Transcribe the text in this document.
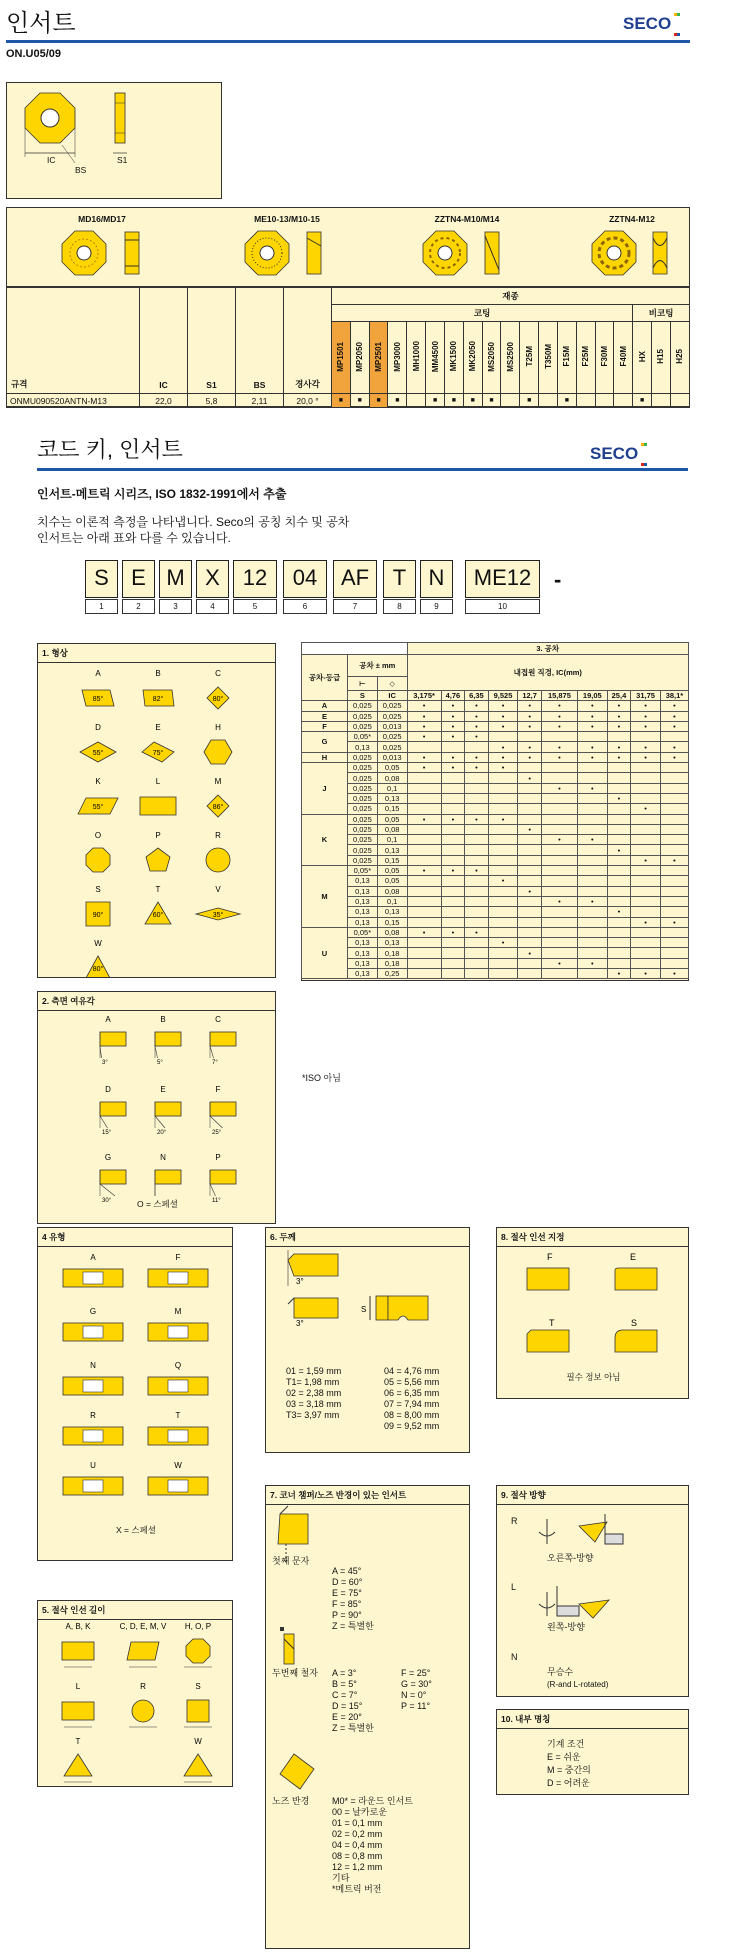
인서트	SECO

ON.U05/09
IC
BS
S1
MD16/MD17	ME10-13/M10-15	ZZTN4-M10/M14	ZZTN4-M12
규격	IC	S1	BS	경사각	재종																		
					코팅																비코팅		
					MP1501	MP2050	MP2501	MP3000	MH1000	MM4500	MK1500	MK2050	MS2050	MS2500	T25M	T350M	F15M	F25M	F30M	F40M	HX	H15	H25
ONMU090520ANTN-M13	22,0	5,8	2,11	20,0 °	■	■	■	■		■	■	■	■		■		■				■		
코드 키, 인서트	SECO

인서트-메트릭 시리즈, ISO 1832-1991에서 추출
치수는 이론적 측정을 나타냅니다. Seco의 공칭 치수 및 공차
인서트는 아래 표와 다를 수 있습니다.
S
1
E
2
M
3
X
4
12
5
04
6
AF
7
T
8
N
9
ME12
10
-
1. 형상
A
85°
B
82°
C
80°
D
55°
E
75°
H
K
55°
L	M
86°
O	P	R
S
90°
T
60°
V
35°
W
80°
2. 측면 여유각
A
3°
B
5°
C
7°
D
15°
E
20°
F
25°
G
30°
N	P
11°
O = 스페셜
			3. 공차									
공차-등급	공차 ± mm		내접원 직경, IC(mm)									
	⊢	◇										
	S	IC	3,175*	4,76	6,35	9,525	12,7	15,875	19,05	25,4	31,75	38,1*
A	0,025	0,025	•	•	•	•	•	•	•	•	•	•
E	0,025	0,025	•	•	•	•	•	•	•	•	•	•
F	0,025	0,013	•	•	•	•	•	•	•	•	•	•
G	0,05*	0,025	•	•	•							
	0,13	0,025				•	•	•	•	•	•	•
H	0,025	0,013	•	•	•	•	•	•	•	•	•	•
J	0,025	0,05	•	•	•	•						
	0,025	0,08					•					
	0,025	0,1						•	•			
	0,025	0,13								•		
	0,025	0,15									•	
K	0,025	0,05	•	•	•	•						
	0,025	0,08					•					
	0,025	0,1						•	•			
	0,025	0,13								•		
	0,025	0,15									•	•
M	0,05*	0,05	•	•	•							
	0,13	0,05				•						
	0,13	0,08					•					
	0,13	0,1						•	•			
	0,13	0,13								•		
	0,13	0,15									•	•
U	0,05*	0,08	•	•	•							
	0,13	0,13				•						
	0,13	0,18					•					
	0,13	0,18						•	•			
	0,13	0,25								•	•	•
*ISO 아님
4 유형
A	F
G	M
N	Q
R	T
U	W
X = 스페셜
5. 절삭 인선 길이
A, B, K	C, D, E, M, V H, O, P
L	R	S
T	W
6. 두께
3°
3°
S
01 = 1,59 mm
T1= 1,98 mm
02 = 2,38 mm
03 = 3,18 mm
T3= 3,97 mm
04 = 4,76 mm
05 = 5,56 mm
06 = 6,35 mm
07 = 7,94 mm
08 = 8,00 mm
09 = 9,52 mm
7. 코너 챔퍼/노즈 반경이 있는 인서트
첫째 문자
A = 45°
D = 60°
E = 75°
F = 85°
P = 90°
Z = 특별한
두번째 철자	A = 3°
B = 5°
C = 7°
D = 15°
E = 20°
Z = 특별한
F = 25°
G = 30°
N = 0°
P = 11°
노즈 반경	M0* = 라운드 인서트
00 = 날카로운
01 = 0,1 mm
02 = 0,2 mm
04 = 0,4 mm
08 = 0,8 mm
12 = 1,2 mm
기타
*메트릭 버전
8. 절삭 인선 지정
F	E
T	S
필수 정보 아님
9. 절삭 방향
R
오른쪽-방향
L
왼쪽-방향
N
무승수
(R-and L-rotated)
10. 내부 명칭
기계 조건
E = 쉬운
M = 중간의
D = 어려운
